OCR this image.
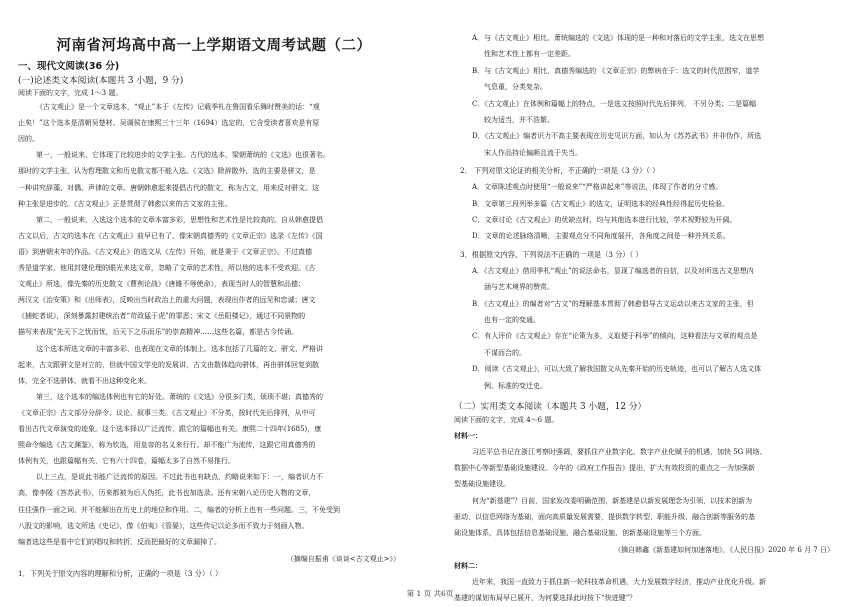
河南省河坞高中高一上学期语文周考试题（二）
一、现代文阅读(36 分)
(一)论述类文本阅读(本题共 3 小题，9 分)
阅读下面的文字，完成 1～3 题。
《古文观止》是一个文章选本，“观止”本于《左传》记载季札在鲁国看乐舞时赞美的话：“观
止矣！”这个选本是清朝吴楚材、吴调侯在康熙三十三年（1694）选定的，它含受读者喜欢是有原
因的。
第一，一般说来，它体现了比较进步的文学主张。古代的选本，梁朝萧统的《文选》也很著名。
那时的文学主张，认为哲理散文和历史散文都不能入选。《文选》除辞散外，选的主要是骈文，是
一种讲究辞藻、对偶、声律的文章。唐朝韩愈起来提倡古代的散文，称为古文，用来反对骈文。这
种主张是进步的。《古文观止》正是贯彻了韩愈以来的古文家的主张。
第二，一般说来，入选这个选本的文章本富多彩，思想性和艺术性是比较高的。自从韩愈提倡
古文以后，古文的选本在《古文观止》前早已有了，像宋朝真德秀的《文章正宗》选录《左传》《国
语》到唐朝末年的作品。《古文观止》的选文从《左传》开始，就是秉于《文章正宗》。不过真德
秀是道学家，他用封建伦理的眼光来选文章，忽略了文章的艺术性，所以他的选本不受欢迎。《古
文观止》所选，像先秦的历史散文《曹刿论战》《唐雎不辱使命》，表现当时人的智慧和品德；
两汉文《治安策》和《出师表》，反映出当时政治上的重大问题，表现出作者的远见和忠诚；唐文
《捕蛇者说》，深刻暴露封建统治者“苛政猛于虎”的罪恶；宋文《岳阳楼记》，通过不同景物的
描写来表现“先天下之忧而忧，后天下之乐而乐”的崇高精神……这些名篇，都是古今传诵。
这个选本所选文章的丰富多彩，也表现在文章的体制上。选本包括了几篇的文、骈文、严格讲
起来，古文跟骈文是对立的，但就中国文学史的发展讲，古文由散体趋向骈体，再由骈体回复到散
体，完全不选骈体，就看不出这种变化来。
第三，这个选本的编选体例也有它的好处。萧统的《文选》分很多门类，烦琐不堪；真德秀的
《文章正宗》古文部分分辞令、议论、叙事三类。《古文观止》不分类，按时代先后排列，从中可
看出古代文章演变的迹象。这个选本择以广泛流传，跟它的篇幅也有关。康熙二十四年(1685)，康
熙命令编选《古文渊鉴》，称为钦选，用皇帝的名义来行行。却不能广为流传，这跟它用真德秀的
体例有关，也跟篇幅有关，它有六十四卷，篇幅太多了自然不易推行。
以上三点，是说此书能广泛流传的原因。不过此书也有缺点，约略说来如下：一，编者识力不
高，像李陵《答苏武书》，历来都被为后人伪托，此书也加选录。还有宋朝八论历史人物的文章，
往往强作一面之词，并不能解出在历史上的地位和作用。二，编者的分析上也有一些问题。三，不免受到
八股文的影响，选文所选《史记》，像《伯夷》《管晏》，这些传记以论多而不致力于刻画人物。
编者选这些是看中它们的唱叹和转折，反而把最好的文章漏掉了。
（摘编自振甫《谈谈<古文观止>》）
1．下列关于原文内容的理解和分析，正确的一项是（3 分）（ ）
A．与《古文观止》相比，萧统编选的《文选》体现的是一种和对落后的文学主张，选文在思想
性和艺术性上都有一定差距。
B．与《古文观止》相比，真德秀编选的 《文章正宗》的弊病在于：选文的时代范围窄，道学
气息重，分类复杂。
C．《古文观止》在体例和篇幅上的特点，一是选文按照时代先后排列， 不另分类；二是篇幅
较为适当，并不浩繁。
D．《古文观止》编者识力不高主要表现在历史见识方面，如认为《苏苏武书》并非伪作，所选
宋人作品持论偏颇且流于失当。
2． 下列对原文论证的相关分析，不正确的一项是（3 分）（ ）
A．文章陈述观点时使用“一般说来”“严格讲起来”等说法，体现了作者的分寸感。
B．文章第三段列举多篇《古文观止》的选文，证明选本的经典性经得起历史检验。
C．文章讨论《古文观止》的优缺点时，均与其他选本进行比较，学术视野较为开阔。
D．文章的论述脉络清晰，主要观点分不同角度展开，各角度之间是一种并列关系。
3．根据原文内容，下列说法不正确的一项是（3 分）（ ）
A．《古文观止》借用季札“观止”的说法命名，显现了编选者的自信，以及对所选古文思想内
涵与艺术境界的赞赏。
B．《古文观止》的编者对“古文”的理解基本贯彻了韩愈倡导古文运动以来古文家的主张，但
也有一定的变通。
C．有人评价《古文观止》存在“论策为多，义取便于科举”的倾向，这种看法与文章的观点是
不谋而合的。
D．阅读《古文观止》，可以大致了解我国散文从先秦开始的历史轨迹，也可以了解古人选文体
例、标准的变迁史。
（二）实用类文本阅读（本题共 3 小题，12 分）
阅读下面的文字，完成 4～6 题。
材料一：
习近平总书记在浙江考察时强调，要抓住产业数字化、数字产业化赋予的机遇，加快 5G 网络、
数据中心等新型基础设施建设。今年的《政府工作报告》提出，扩大有效投资的重点之一为加强新
型基础设施建设。
何为“新基建”？目前，国家发改委明确范围，新基建是以新发展理念为引领，以技术创新为
驱动，以信息网络为基础，面向高质量发展需要，提供数字转型、职能升级、融合创新等服务的基
础设施体系，具体包括信息基础设施、融合基础设施、创新基础设施等三个方面。
（摘自韩鑫《新基建如何加速落地》，《人民日报》2020 年 6 月 7 日）
材料二：
近年来，我国一直致力于抓住新一轮科技革命机遇，大力发展数字经济，推动产业优化升级。新
基建的谋划布局早已展开，为何要选择此时按下“快进键”？
第 1 页 共6页
